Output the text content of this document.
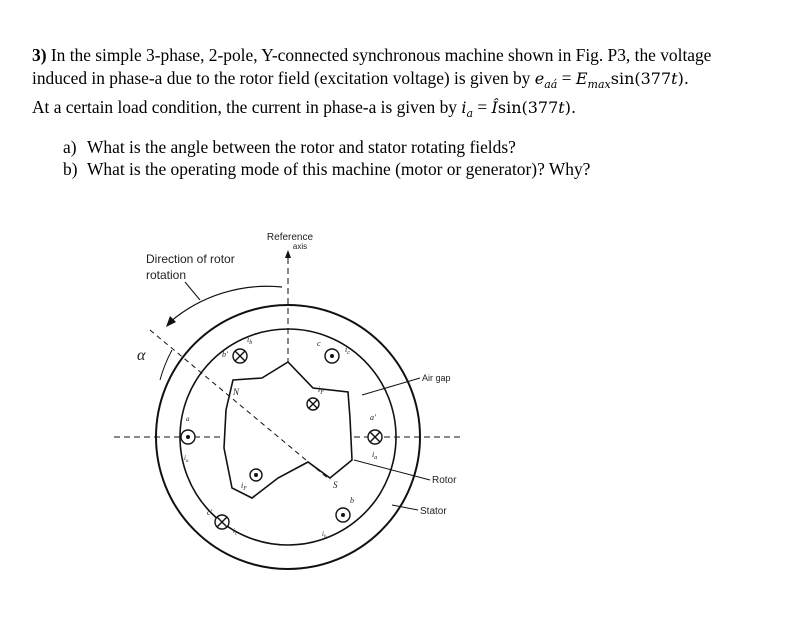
3) In the simple 3-phase, 2-pole, Y-connected synchronous machine shown in Fig. P3, the voltage

induced in phase-a due to the rotor field (excitation voltage) is given by $e_{aá} = E_{max}\sin(377t)$.

At a certain load condition, the current in phase-a is given by $i_a$ = Îsin(377t).

a) What is the angle between the rotor and stator rotating fields?
b) What is the operating mode of this machine (motor or generator)? Why?
Reference
axis
Direction of rotor
rotation
α
Air gap
Rotor
Stator
b'
$i_b$	c
$i_c$
$i_F$
N
a'
$i_a$
a
$i_a$
$i_F$	S
c'
$i_c$
b
$i_b$
